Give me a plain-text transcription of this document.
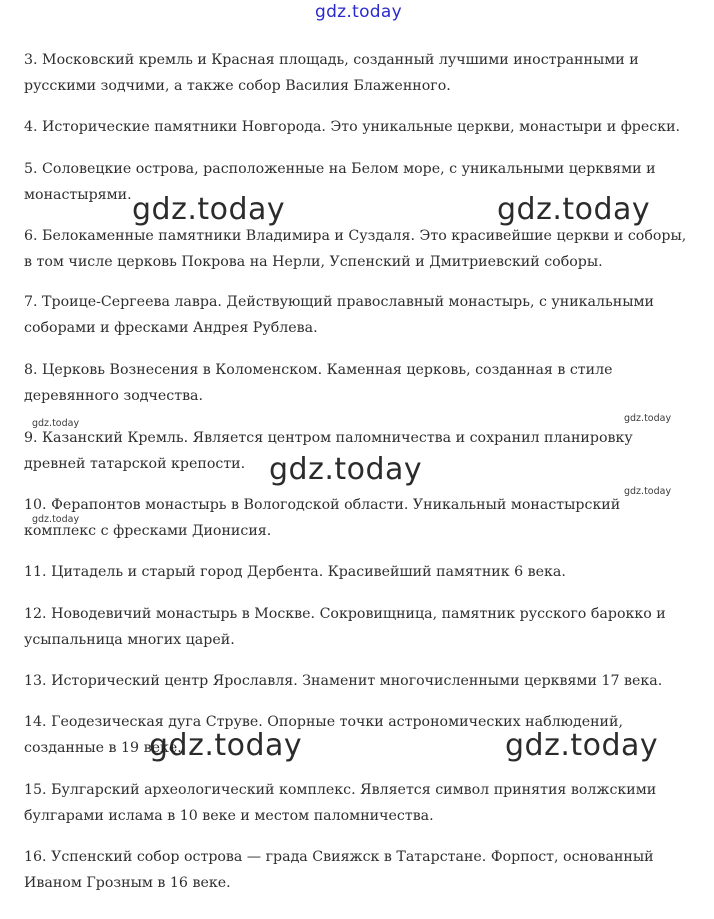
3. Московский кремль и Красная площадь, созданный лучшими иностранными и русскими зодчими, а также собор Василия Блаженного.

4. Исторические памятники Новгорода. Это уникальные церкви, монастыри и фрески.

5. Соловецкие острова, расположенные на Белом море, с уникальными церквями и монастырями.

6. Белокаменные памятники Владимира и Суздаля. Это красивейшие церкви и соборы, в том числе церковь Покрова на Нерли, Успенский и Дмитриевский соборы.

7. Троице-Сергеева лавра. Действующий православный монастырь, с уникальными соборами и фресками Андрея Рублева.

8. Церковь Вознесения в Коломенском. Каменная церковь, созданная в стиле деревянного зодчества.

9. Казанский Кремль. Является центром паломничества и сохранил планировку древней татарской крепости.

10. Ферапонтов монастырь в Вологодской области. Уникальный монастырский комплекс с фресками Дионисия.

11. Цитадель и старый город Дербента. Красивейший памятник 6 века.

12. Новодевичий монастырь в Москве. Сокровищница, памятник русского барокко и усыпальница многих царей.

13. Исторический центр Ярославля. Знаменит многочисленными церквями 17 века.

14. Геодезическая дуга Струве. Опорные точки астрономических наблюдений, созданные в 19 веке.

15. Булгарский археологический комплекс. Является символ принятия волжскими булгарами ислама в 10 веке и местом паломничества.

16. Успенский собор острова — града Свияжск в Татарстане. Форпост, основанный Иваном Грозным в 16 веке.

gdz.today
gdz.today	gdz.today
gdz.today
gdz.today	gdz.today
gdz.today	gdz.today
gdz.today
gdz.today
